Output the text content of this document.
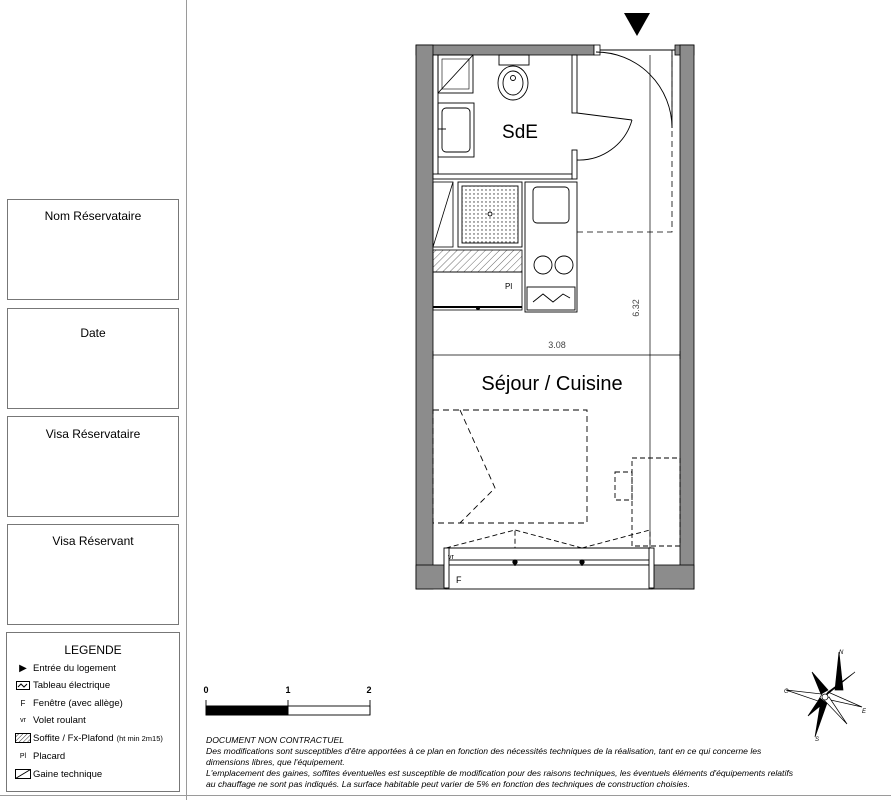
Nom Réservataire
Date
Visa Réservataire
Visa Réservant
LEGENDE
▶ Entrée du logement
Tableau électrique
F Fenêtre (avec allège)
vr Volet roulant
Soffite / Fx-Plafond (ht min 2m15)
Pl Placard
Gaine technique
SdE
Pl
3.08
6.32
Séjour / Cuisine
vr
F
0	1	2
N
E
S
O
DOCUMENT NON CONTRACTUEL
Des modifications sont susceptibles d'être apportées à ce plan en fonction des nécessités techniques de la réalisation, tant en ce qui concerne les
dimensions libres, que l'équipement.
L'emplacement des gaines, soffites éventuelles est susceptible de modification pour des raisons techniques, les éventuels éléments d'équipements relatifs
au chauffage ne sont pas indiqués. La surface habitable peut varier de 5% en fonction des techniques de construction choisies.
